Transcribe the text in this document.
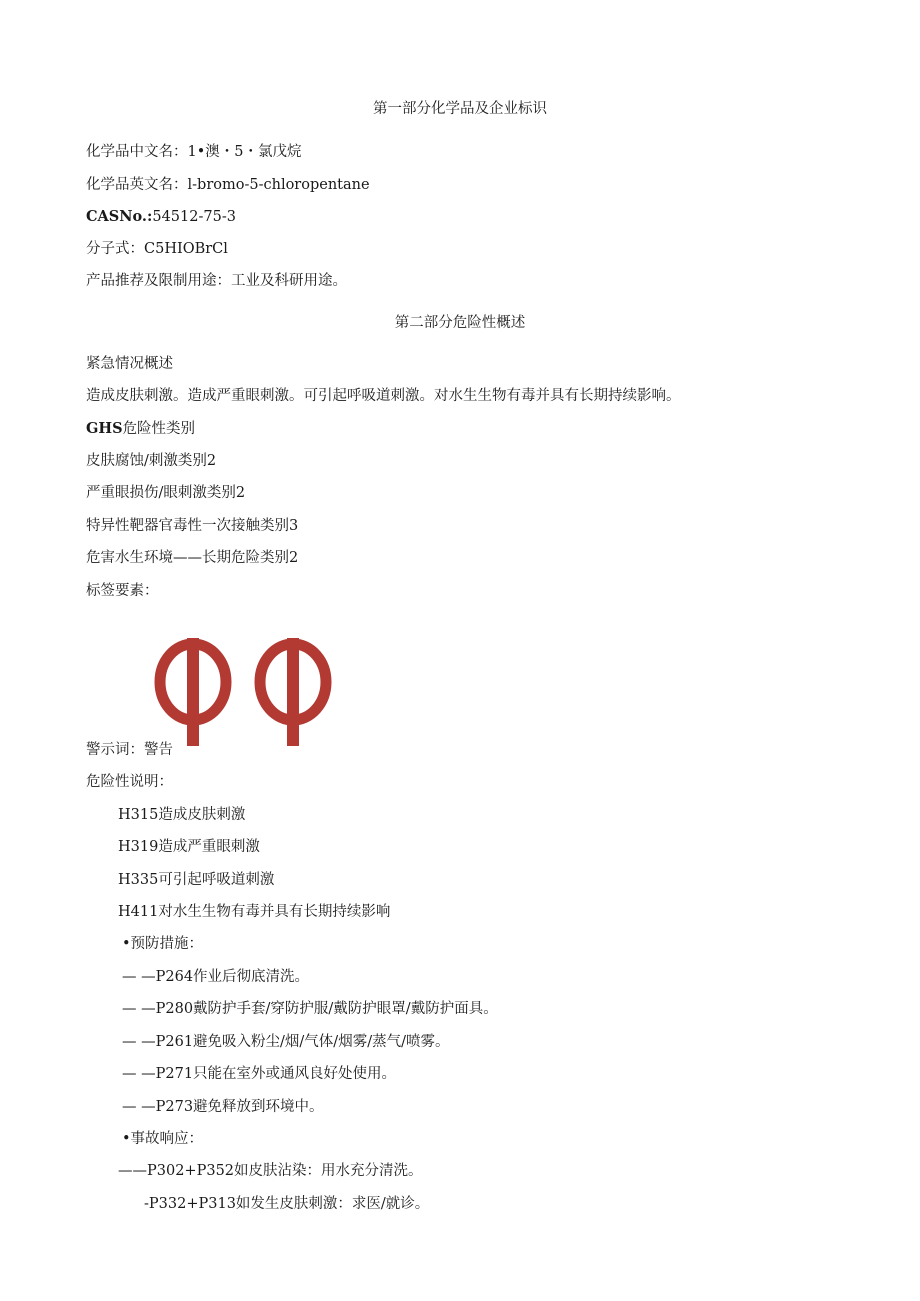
第一部分化学品及企业标识
化学品中文名：1•澳・5・氯戊烷
化学品英文名：l-bromo-5-chloropentane
CASNo.:54512-75-3
分子式：C5HIOBrCl
产品推荐及限制用途：工业及科研用途。
第二部分危险性概述
紧急情况概述
造成皮肤刺激。造成严重眼刺激。可引起呼吸道刺激。对水生生物有毒并具有长期持续影响。
GHS危险性类别
皮肤腐蚀/刺激类别2
严重眼损伤/眼刺激类别2
特异性靶器官毒性一次接触类别3
危害水生环境——长期危险类别2
标签要素：
警示词：警告
危险性说明：
H315造成皮肤刺激
H319造成严重眼刺激
H335可引起呼吸道刺激
H411对水生生物有毒并具有长期持续影响
•预防措施：
— —P264作业后彻底清洗。
— —P280戴防护手套/穿防护服/戴防护眼罩/戴防护面具。
— —P261避免吸入粉尘/烟/气体/烟雾/蒸气/喷雾。
— —P271只能在室外或通风良好处使用。
— —P273避免释放到环境中。
•事故响应：
——P302+P352如皮肤沾染：用水充分清洗。
-P332+P313如发生皮肤刺激：求医/就诊。
